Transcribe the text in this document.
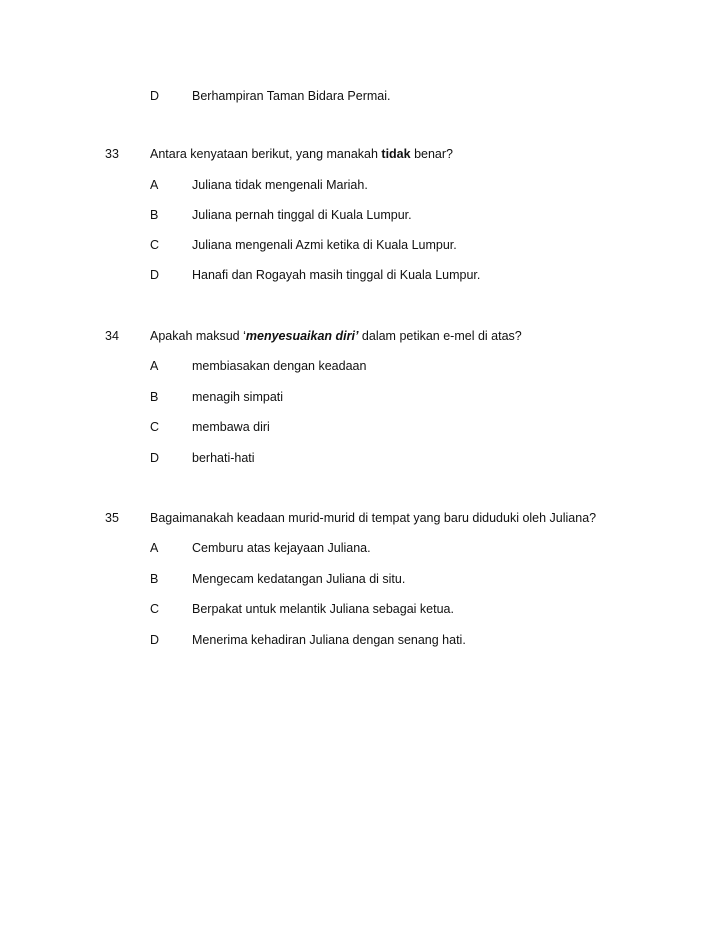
D	Berhampiran Taman Bidara Permai.
33 Antara kenyataan berikut, yang manakah tidak benar?
A	Juliana tidak mengenali Mariah.
B	Juliana pernah tinggal di Kuala Lumpur.
C	Juliana mengenali Azmi ketika di Kuala Lumpur.
D	Hanafi dan Rogayah masih tinggal di Kuala Lumpur.
34 Apakah maksud ‘menyesuaikan diri’ dalam petikan e-mel di atas?
A	membiasakan dengan keadaan
B	menagih simpati
C	membawa diri
D	berhati-hati
35 Bagaimanakah keadaan murid-murid di tempat yang baru diduduki oleh Juliana?
A	Cemburu atas kejayaan Juliana.
B	Mengecam kedatangan Juliana di situ.
C	Berpakat untuk melantik Juliana sebagai ketua.
D	Menerima kehadiran Juliana dengan senang hati.
